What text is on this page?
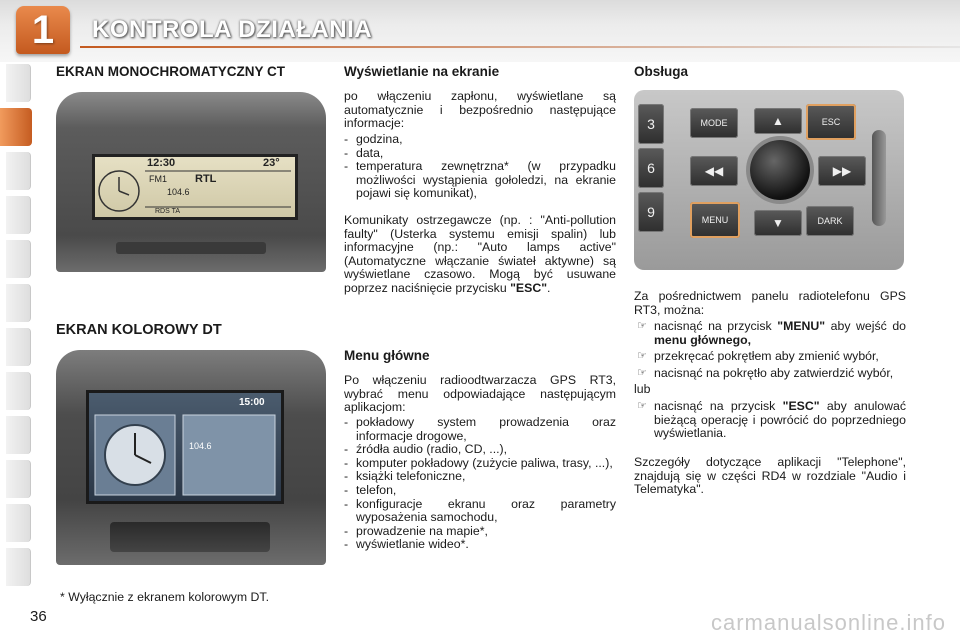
1	KONTROLA DZIAŁANIA
EKRAN MONOCHROMATYCZNY CT
12:30	23°
FM1	RTL
104.6
RDS TA
EKRAN KOLOROWY DT
104.6
15:00
Wyświetlanie na ekranie
po włączeniu zapłonu, wyświetlane są automatycznie i bezpośrednio następujące informacje:
- godzina,
- data,
- temperatura zewnętrzna* (w przypadku możliwości wystąpienia gołoledzi, na ekranie pojawi się komunikat),
Komunikaty ostrzegawcze (np. : "Anti-pollution faulty" (Usterka systemu emisji spalin) lub informacyjne (np.: "Auto lamps active" (Automatyczne włączanie świateł aktywne) są wyświetlane czasowo. Mogą być usuwane poprzez naciśnięcie przycisku "ESC".
Menu główne
Po włączeniu radioodtwarzacza GPS RT3, wybrać menu odpowiadające następującym aplikacjom:
- pokładowy system prowadzenia oraz informacje drogowe,
- źródła audio (radio, CD, ...),
- komputer pokładowy (zużycie paliwa, trasy, ...),
- książki telefoniczne,
- telefon,
- konfiguracje ekranu oraz parametry wyposażenia samochodu,
- prowadzenie na mapie*,
- wyświetlanie wideo*.
Obsługa
3
6
9
MODE	▲	ESC
◀◀	▶▶
MENU	▼	DARK
Za pośrednictwem panelu radiotelefonu GPS RT3, można:
☞ nacisnąć na przycisk "MENU" aby wejść do menu głównego,
☞ przekręcać pokrętłem aby zmienić wybór,
☞ nacisnąć na pokrętło aby zatwierdzić wybór,
lub
☞ nacisnąć na przycisk "ESC" aby anulować bieżącą operację i powrócić do poprzedniego wyświetlania.
Szczegóły dotyczące aplikacji "Telephone", znajdują się w części RD4 w rozdziale "Audio i Telematyka".
* Wyłącznie z ekranem kolorowym DT.
36	carmanualsonline.info
